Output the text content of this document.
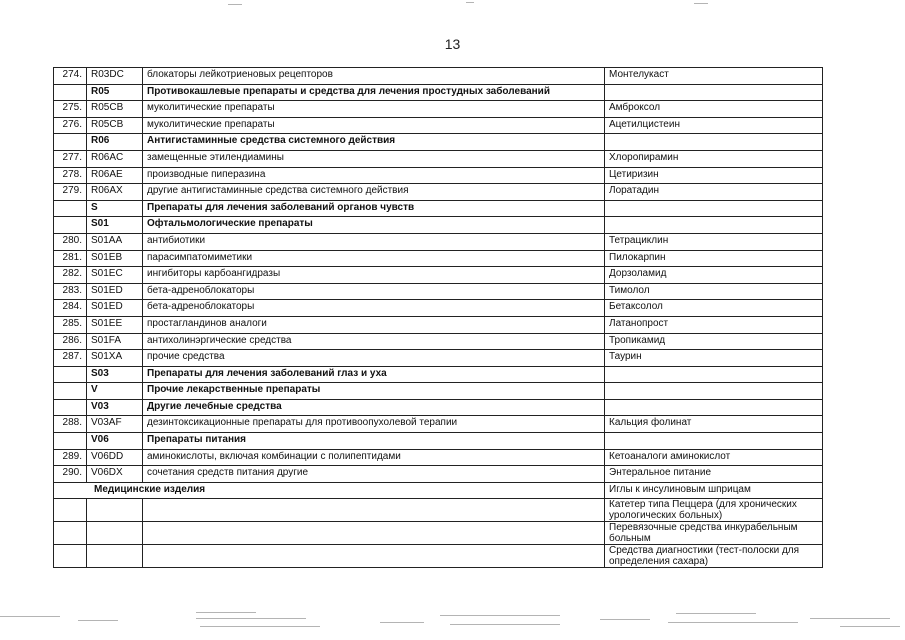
13
274.	R03DC	блокаторы лейкотриеновых рецепторов	Монтелукаст
	R05	Противокашлевые препараты и средства для лечения простудных заболеваний	
275.	R05CB	муколитические препараты	Амброксол
276.	R05CB	муколитические препараты	Ацетилцистеин
	R06	Антигистаминные средства системного действия	
277.	R06AC	замещенные этилендиамины	Хлоропирамин
278.	R06AE	производные пиперазина	Цетиризин
279.	R06AX	другие антигистаминные средства системного действия	Лоратадин
	S	Препараты для лечения заболеваний органов чувств	
	S01	Офтальмологические препараты	
280.	S01AA	антибиотики	Тетрациклин
281.	S01EB	парасимпатомиметики	Пилокарпин
282.	S01EC	ингибиторы карбоангидразы	Дорзоламид
283.	S01ED	бета-адреноблокаторы	Тимолол
284.	S01ED	бета-адреноблокаторы	Бетаксолол
285.	S01EE	простагландинов аналоги	Латанопрост
286.	S01FA	антихолинэргические средства	Тропикамид
287.	S01XA	прочие средства	Таурин
	S03	Препараты для лечения заболеваний глаз и уха	
	V	Прочие лекарственные препараты	
	V03	Другие лечебные средства	
288.	V03AF	дезинтоксикационные препараты для противоопухолевой терапии	Кальция фолинат
	V06	Препараты питания	
289.	V06DD	аминокислоты, включая комбинации с полипептидами	Кетоаналоги аминокислот
290.	V06DX	сочетания средств питания другие	Энтеральное питание
Медицинские изделия			Иглы к инсулиновым шприцам
			Катетер типа Пеццера (для хронических урологических больных)
			Перевязочные средства инкурабельным больным
			Средства диагностики (тест-полоски для определения сахара)
